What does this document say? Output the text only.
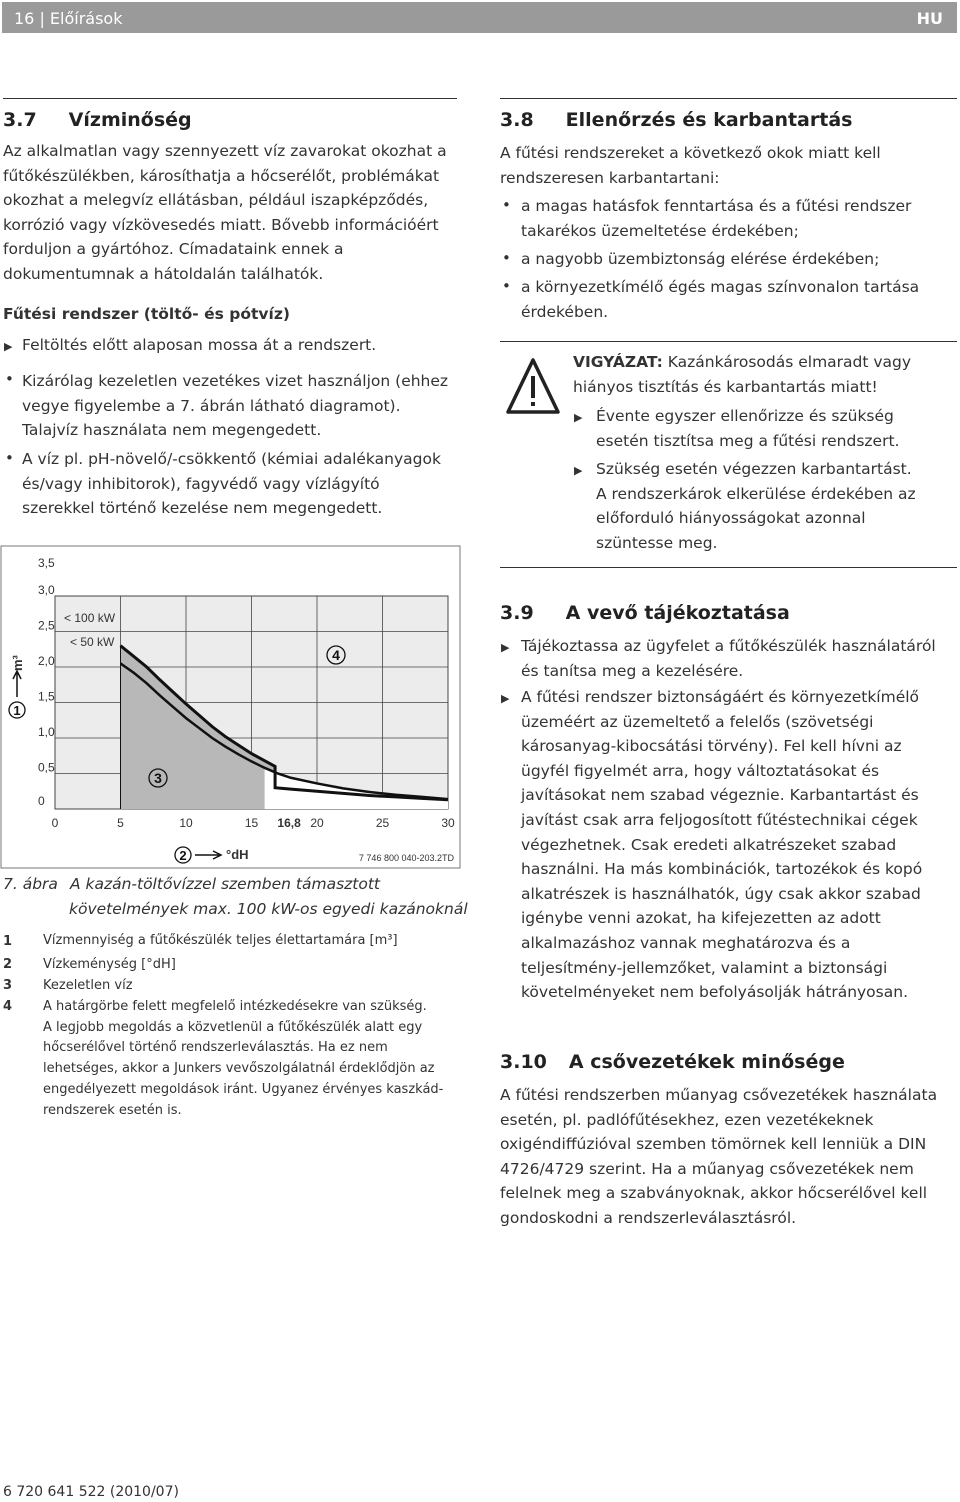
16 | Előírások	HU
3.7 Vízminőség
Az alkalmatlan vagy szennyezett víz zavarokat okozhat a
fűtőkészülékben, károsíthatja a hőcserélőt, problémákat
okozhat a melegvíz ellátásban, például iszapképződés,
korrózió vagy vízkövesedés miatt. Bővebb információért
forduljon a gyártóhoz. Címadataink ennek a
dokumentumnak a hátoldalán találhatók.
Fűtési rendszer (töltő- és pótvíz)
▶ Feltöltés előtt alaposan mossa át a rendszert.
• Kizárólag kezeletlen vezetékes vizet használjon (ehhez
vegye figyelembe a 7. ábrán látható diagramot).
Talajvíz használata nem megengedett.
• A víz pl. pH-növelő/-csökkentő (kémiai adalékanyagok
és/vagy inhibitorok), fagyvédő vagy vízlágyító
szerekkel történő kezelése nem megengedett.
0	5	10	15 16,8 20	25	30
0
0,5
1,0
1,5
2,0
2,5
3,0
3,5
< 100 kW
< 50 kW
m³
1
3
4
2	°dH	7 746 800 040-203.2TD
7. ábra A kazán-töltővízzel szemben támasztott
követelmények max. 100 kW-os egyedi kazánoknál
1 Vízmennyiség a fűtőkészülék teljes élettartamára [m³]
2 Vízkeménység [°dH]
3 Kezeletlen víz
4 A határgörbe felett megfelelő intézkedésekre van szükség.
A legjobb megoldás a közvetlenül a fűtőkészülék alatt egy
hőcserélővel történő rendszerleválasztás. Ha ez nem
lehetséges, akkor a Junkers vevőszolgálatnál érdeklődjön az
engedélyezett megoldások iránt. Ugyanez érvényes kaszkád-
rendszerek esetén is.
3.8 Ellenőrzés és karbantartás
A fűtési rendszereket a következő okok miatt kell
rendszeresen karbantartani:
• a magas hatásfok fenntartása és a fűtési rendszer
takarékos üzemeltetése érdekében;
• a nagyobb üzembiztonság elérése érdekében;
• a környezetkímélő égés magas színvonalon tartása
érdekében.
VIGYÁZAT: Kazánkárosodás elmaradt vagy
hiányos tisztítás és karbantartás miatt!
▶ Évente egyszer ellenőrizze és szükség
esetén tisztítsa meg a fűtési rendszert.
▶ Szükség esetén végezzen karbantartást.
A rendszerkárok elkerülése érdekében az
előforduló hiányosságokat azonnal
szüntesse meg.
3.9 A vevő tájékoztatása
▶ Tájékoztassa az ügyfelet a fűtőkészülék használatáról
és tanítsa meg a kezelésére.
▶ A fűtési rendszer biztonságáért és környezetkímélő
üzeméért az üzemeltető a felelős (szövetségi
károsanyag-kibocsátási törvény). Fel kell hívni az
ügyfél figyelmét arra, hogy változtatásokat és
javításokat nem szabad végeznie. Karbantartást és
javítást csak arra feljogosított fűtéstechnikai cégek
végezhetnek. Csak eredeti alkatrészeket szabad
használni. Ha más kombinációk, tartozékok és kopó
alkatrészek is használhatók, úgy csak akkor szabad
igénybe venni azokat, ha kifejezetten az adott
alkalmazáshoz vannak meghatározva és a
teljesítmény-jellemzőket, valamint a biztonsági
követelményeket nem befolyásolják hátrányosan.
3.10 A csővezetékek minősége
A fűtési rendszerben műanyag csővezetékek használata
esetén, pl. padlófűtésekhez, ezen vezetékeknek
oxigéndiffúzióval szemben tömörnek kell lenniük a DIN
4726/4729 szerint. Ha a műanyag csővezetékek nem
felelnek meg a szabványoknak, akkor hőcserélővel kell
gondoskodni a rendszerleválasztásról.
6 720 641 522 (2010/07)
